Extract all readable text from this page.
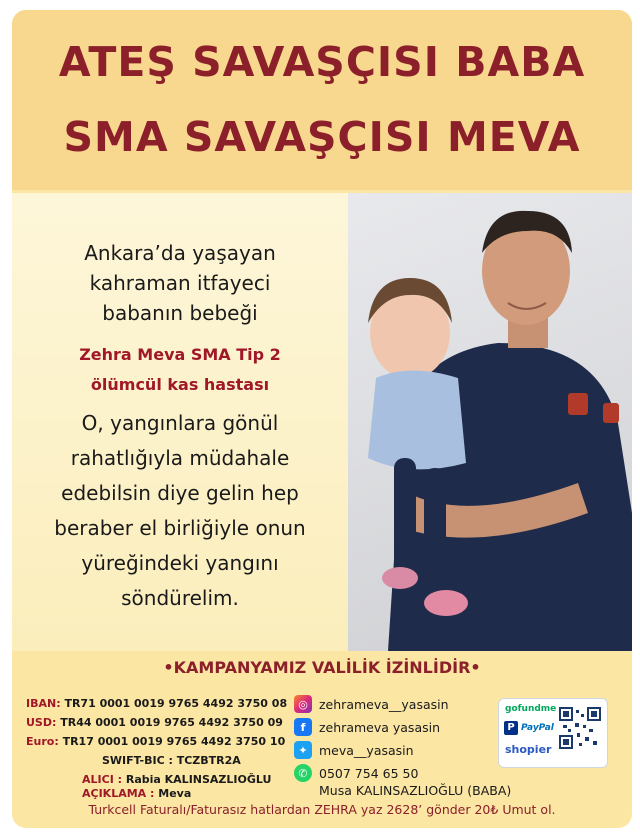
ATEŞ SAVAŞÇISI BABA
SMA SAVAŞÇISI MEVA
Ankara’da yaşayan
kahraman itfayeci
babanın bebeği
Zehra Meva SMA Tip 2
ölümcül kas hastası
O, yangınlara gönül
rahatlığıyla müdahale
edebilsin diye gelin hep
beraber el birliğiyle onun
yüreğindeki yangını
söndürelim.
•KAMPANYAMIZ VALİLİK İZİNLİDİR•
IBAN: TR71 0001 0019 9765 4492 3750 08
USD: TR44 0001 0019 9765 4492 3750 09
Euro: TR17 0001 0019 9765 4492 3750 10
SWIFT-BIC : TCZBTR2A
ALICI : Rabia KALINSAZLIOĞLU
AÇIKLAMA : Meva
◎ zehrameva__yasasin
f	zehrameva yasasin
✦ meva__yasasin
✆ 0507 754 65 50
Musa KALINSAZLIOĞLU (BABA)
gofundme
P PayPal
shopier
Turkcell Faturalı/Faturasız hatlardan ZEHRA yaz 2628’ gönder 20₺ Umut ol.
